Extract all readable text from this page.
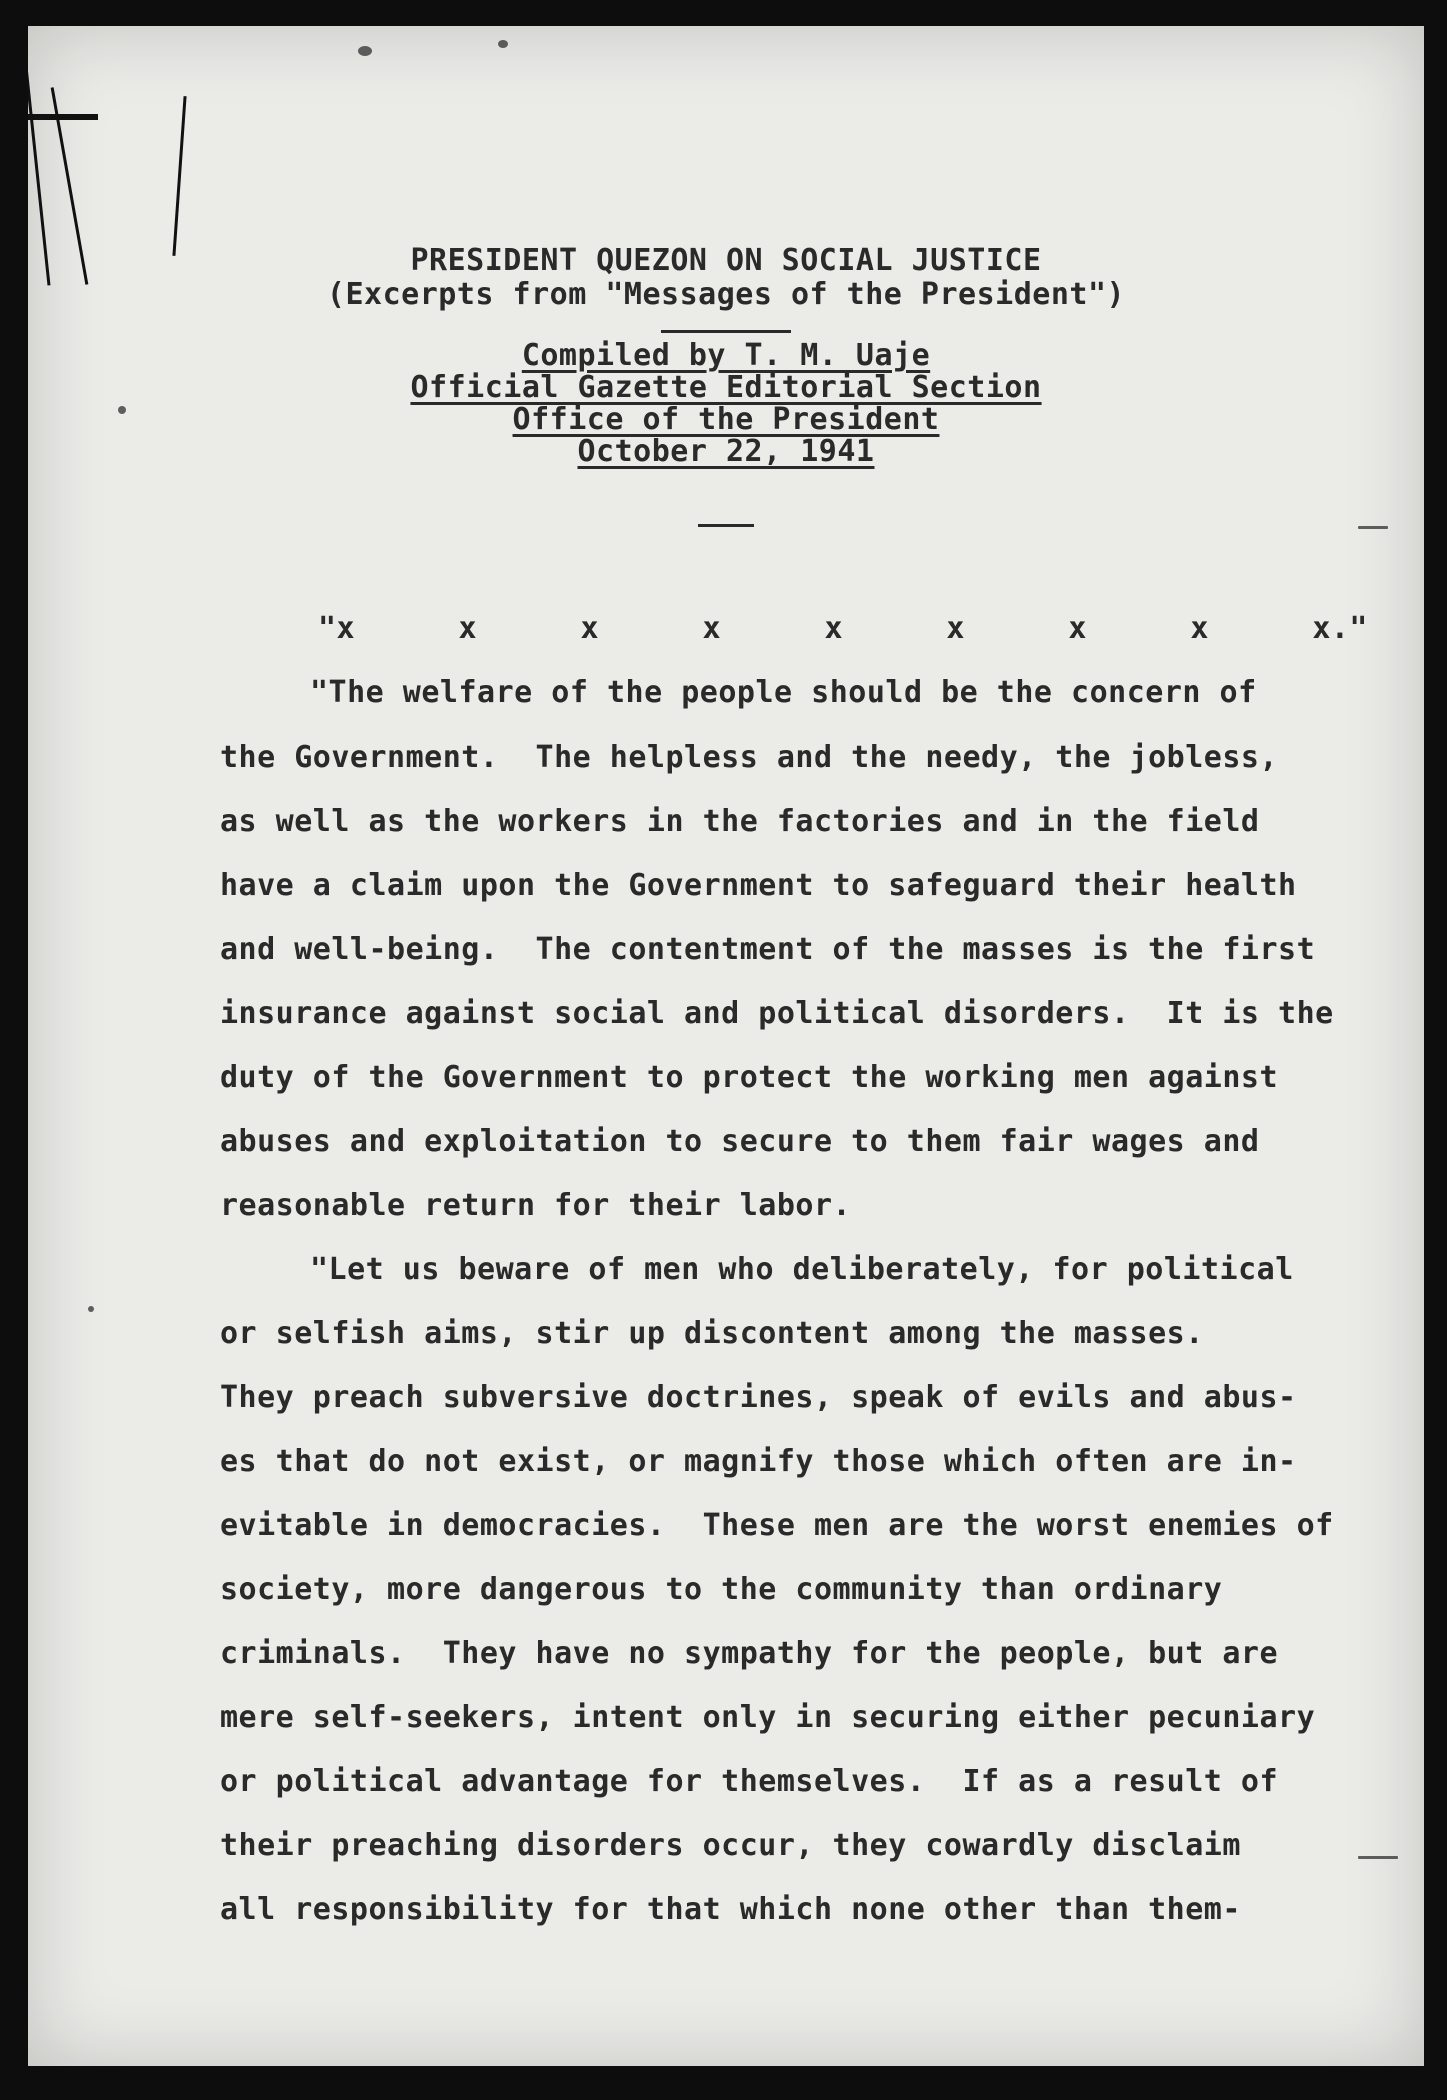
PRESIDENT QUEZON ON SOCIAL JUSTICE
(Excerpts from "Messages of the President")
Compiled by T. M. Uaje
Official Gazette Editorial Section
Office of the President
October 22, 1941
"x	x	x	x	x	x	x	x	x."
"The welfare of the people should be the concern of
the Government.  The helpless and the needy, the jobless,
as well as the workers in the factories and in the field
have a claim upon the Government to safeguard their health
and well-being.  The contentment of the masses is the first
insurance against social and political disorders.  It is the
duty of the Government to protect the working men against
abuses and exploitation to secure to them fair wages and
reasonable return for their labor.
"Let us beware of men who deliberately, for political
or selfish aims, stir up discontent among the masses.
They preach subversive doctrines, speak of evils and abus-
es that do not exist, or magnify those which often are in-
evitable in democracies.  These men are the worst enemies of
society, more dangerous to the community than ordinary
criminals.  They have no sympathy for the people, but are
mere self-seekers, intent only in securing either pecuniary
or political advantage for themselves.  If as a result of
their preaching disorders occur, they cowardly disclaim
all responsibility for that which none other than them-
